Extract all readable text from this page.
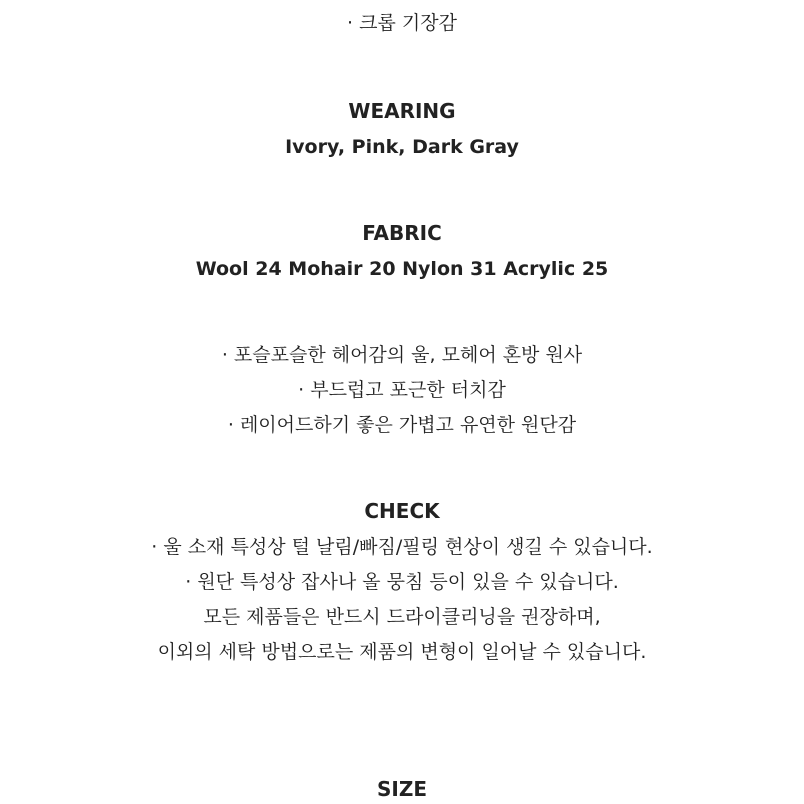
· 크롭 기장감
WEARING
Ivory, Pink, Dark Gray
FABRIC
Wool 24 Mohair 20 Nylon 31 Acrylic 25
· 포슬포슬한 헤어감의 울, 모헤어 혼방 원사
· 부드럽고 포근한 터치감
· 레이어드하기 좋은 가볍고 유연한 원단감
CHECK
· 울 소재 특성상 털 날림/빠짐/필링 현상이 생길 수 있습니다.
· 원단 특성상 잡사나 올 뭉침 등이 있을 수 있습니다.
모든 제품들은 반드시 드라이클리닝을 권장하며,
이외의 세탁 방법으로는 제품의 변형이 일어날 수 있습니다.
SIZE
